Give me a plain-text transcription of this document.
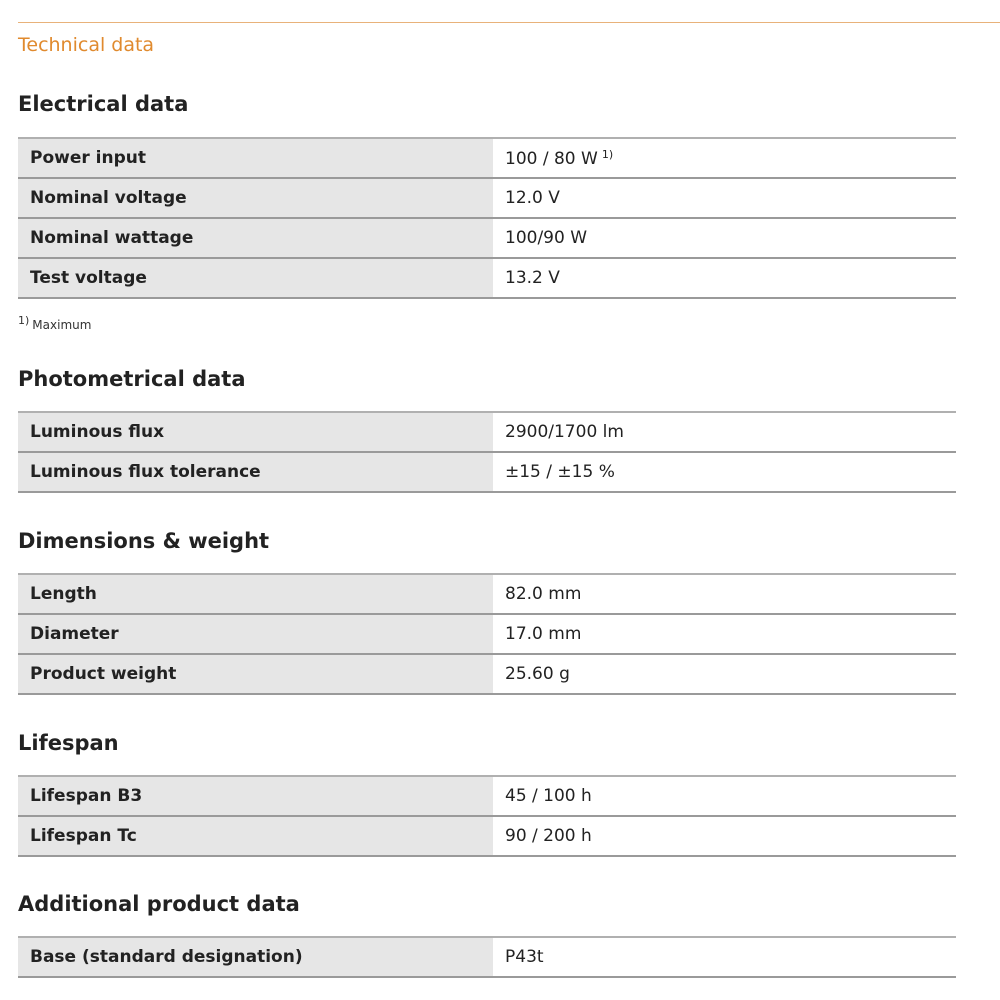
Technical data
Electrical data
Power input	100 / 80 W $^{1)}$
Nominal voltage	12.0 V
Nominal wattage	100/90 W
Test voltage	13.2 V
1) Maximum
Photometrical data
Luminous flux	2900/1700 lm
Luminous flux tolerance	±15 / ±15 %
Dimensions & weight
Length	82.0 mm
Diameter	17.0 mm
Product weight	25.60 g
Lifespan
Lifespan B3	45 / 100 h
Lifespan Tc	90 / 200 h
Additional product data
Base (standard designation)	P43t
